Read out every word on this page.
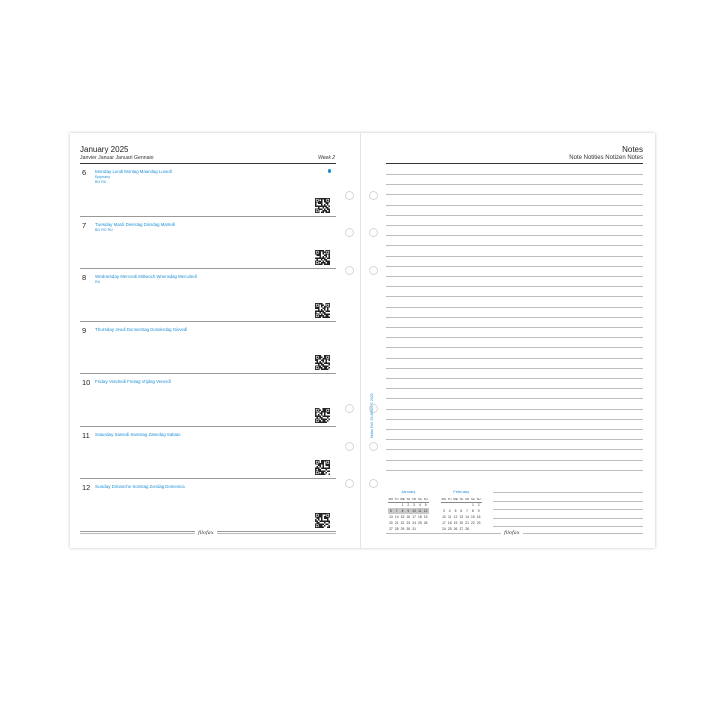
January 2025
Janvier Januar Januari Gennaio	Week 2
6 Monday Lundi Montag Maandag Lunedì
Epiphany
BG RU
7 Tuesday Mardi Dienstag Dinsdag Martedì
BG RO RU
8 Wednesday Mercredi Mittwoch Woensdag Mercoledì
RU
9 Thursday Jeudi Donnerstag Donderdag Giovedì
10 Friday Vendredi Freitag Vrijdag Venerdì
11 Saturday Samedi Samstag Zaterdag Sabato
12 Sunday Dimanche Sonntag Zondag Domenica
filofax
Notes
Note Notities Notizen Notes
January
MO	TU	WE	TH	FR	SA	SU
		1	2	3	4	5
6	7	8	9	10	11	12
13	14	15	16	17	18	19
20	21	22	23	24	25	26
27	28	29	30	31		
February
MO	TU	WE	TH	FR	SA	SU
					1	2
3	4	5	6	7	8	9
10	11	12	13	14	15	16
17	18	19	20	21	22	23
24	25	26	27	28		
filofax
filofax Ref. 25-68505 © 2025
